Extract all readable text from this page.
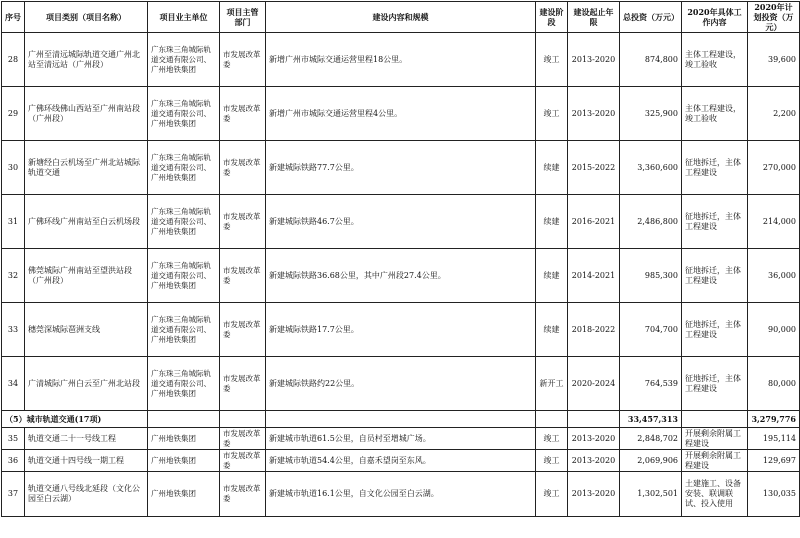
序号	项目类别（项目名称）	项目业主单位	项目主管部门	建设内容和规模	建设阶段	建设起止年限	总投资（万元）	2020年具体工作内容	2020年计划投资（万元）
28	广州至清远城际轨道交通广州北站至清远站（广州段）	广东珠三角城际轨道交通有限公司、广州地铁集团	市发展改革委	新增广州市城际交通运营里程18公里。	竣工	2013-2020	874,800	主体工程建设，竣工验收	39,600
29	广佛环线佛山西站至广州南站段（广州段）	广东珠三角城际轨道交通有限公司、广州地铁集团	市发展改革委	新增广州市城际交通运营里程4公里。	竣工	2013-2020	325,900	主体工程建设，竣工验收	2,200
30	新塘经白云机场至广州北站城际轨道交通	广东珠三角城际轨道交通有限公司、广州地铁集团	市发展改革委	新建城际铁路77.7公里。	续建	2015-2022	3,360,600	征地拆迁，主体工程建设	270,000
31	广佛环线广州南站至白云机场段	广东珠三角城际轨道交通有限公司、广州地铁集团	市发展改革委	新建城际铁路46.7公里。	续建	2016-2021	2,486,800	征地拆迁，主体工程建设	214,000
32	佛莞城际广州南站至望洪站段（广州段）	广东珠三角城际轨道交通有限公司、广州地铁集团	市发展改革委	新建城际铁路36.68公里，其中广州段27.4公里。	续建	2014-2021	985,300	征地拆迁，主体工程建设	36,000
33	穗莞深城际琶洲支线	广东珠三角城际轨道交通有限公司、广州地铁集团	市发展改革委	新建城际铁路17.7公里。	续建	2018-2022	704,700	征地拆迁，主体工程建设	90,000
34	广清城际广州白云至广州北站段	广东珠三角城际轨道交通有限公司、广州地铁集团	市发展改革委	新建城际铁路约22公里。	新开工	2020-2024	764,539	征地拆迁，主体工程建设	80,000
（5）城市轨道交通(17项)							33,457,313		3,279,776
35	轨道交通二十一号线工程	广州地铁集团	市发展改革委	新建城市轨道61.5公里，自员村至增城广场。	竣工	2013-2020	2,848,702	开展剩余附属工程建设	195,114
36	轨道交通十四号线一期工程	广州地铁集团	市发展改革委	新建城市轨道54.4公里，自嘉禾望岗至东风。	竣工	2013-2020	2,069,906	开展剩余附属工程建设	129,697
37	轨道交通八号线北延段（文化公园至白云湖）	广州地铁集团	市发展改革委	新建城市轨道16.1公里，自文化公园至白云湖。	竣工	2013-2020	1,302,501	土建施工、设备安装、联调联试、投入使用	130,035
